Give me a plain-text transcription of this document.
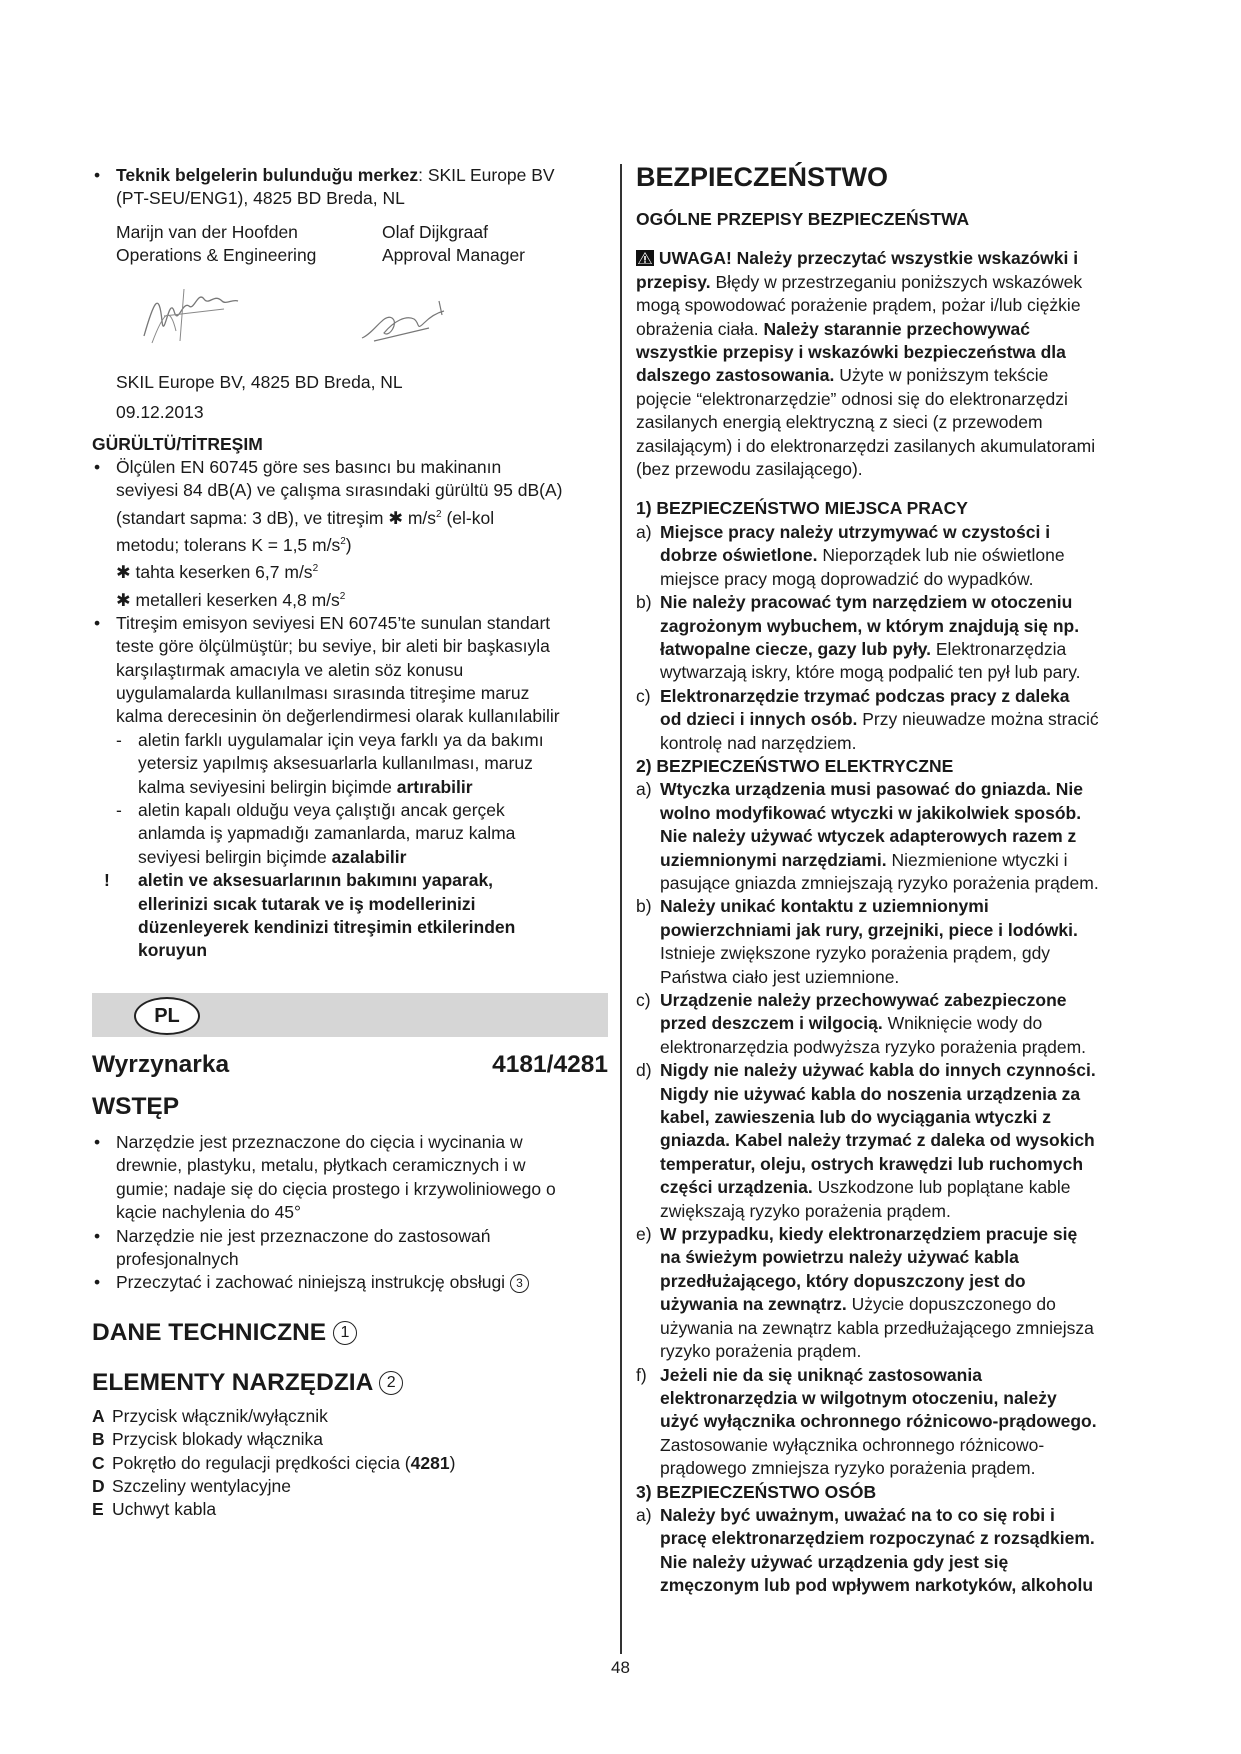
• Teknik belgelerin bulunduğu merkez: SKIL Europe BV
(PT-SEU/ENG1), 4825 BD Breda, NL

Marijn van der Hoofden
Operations & Engineering
Olaf Dijkgraaf
Approval Manager

SKIL Europe BV, 4825 BD Breda, NL

09.12.2013

GÜRÜLTÜ/TİTREŞIM

• Ölçülen EN 60745 göre ses basıncı bu makinanın
seviyesi 84 dB(A) ve çalışma sırasındaki gürültü 95 dB(A)
(standart sapma: 3 dB), ve titreşim ✱ $m/s^2$ (el-kol
metodu; tolerans K = 1,5 $m/s^2$)
✱ tahta keserken 6,7 $m/s^2$
✱ metalleri keserken 4,8 $m/s^2$

• Titreşim emisyon seviyesi EN 60745’te sunulan standart
teste göre ölçülmüştür; bu seviye, bir aleti bir başkasıyla
karşılaştırmak amacıyla ve aletin söz konusu
uygulamalarda kullanılması sırasında titreşime maruz
kalma derecesinin ön değerlendirmesi olarak kullanılabilir

- aletin farklı uygulamalar için veya farklı ya da bakımı
yetersiz yapılmış aksesuarlarla kullanılması, maruz
kalma seviyesini belirgin biçimde artırabilir

- aletin kapalı olduğu veya çalıştığı ancak gerçek
anlamda iş yapmadığı zamanlarda, maruz kalma
seviyesi belirgin biçimde azalabilir

! aletin ve aksesuarlarının bakımını yaparak,
ellerinizi sıcak tutarak ve iş modellerinizi
düzenleyerek kendinizi titreşimin etkilerinden
koruyun

PL
Wyrzynarka	4181/4281
WSTĘP

• Narzędzie jest przeznaczone do cięcia i wycinania w
drewnie, plastyku, metalu, płytkach ceramicznych i w
gumie; nadaje się do cięcia prostego i krzywoliniowego o
kącie nachylenia do 45°

• Narzędzie nie jest przeznaczone do zastosowań
profesjonalnych

• Przeczytać i zachować niniejszą instrukcję obsługi 3

DANE TECHNICZNE 1
ELEMENTY NARZĘDZIA 2

A Przycisk włącznik/wyłącznik

B Przycisk blokady włącznika

C Pokrętło do regulacji prędkości cięcia (4281)

D Szczeliny wentylacyjne

E Uchwyt kabla

BEZPIECZEŃSTWO

OGÓLNE PRZEPISY BEZPIECZEŃSTWA

UWAGA! Należy przeczytać wszystkie wskazówki i
przepisy. Błędy w przestrzeganiu poniższych wskazówek
mogą spowodować porażenie prądem, pożar i/lub ciężkie
obrażenia ciała. Należy starannie przechowywać
wszystkie przepisy i wskazówki bezpieczeństwa dla
dalszego zastosowania. Użyte w poniższym tekście
pojęcie “elektronarzędzie” odnosi się do elektronarzędzi
zasilanych energią elektryczną z sieci (z przewodem
zasilającym) i do elektronarzędzi zasilanych akumulatorami
(bez przewodu zasilającego).

1) BEZPIECZEŃSTWO MIEJSCA PRACY

a) Miejsce pracy należy utrzymywać w czystości i
dobrze oświetlone. Nieporządek lub nie oświetlone
miejsce pracy mogą doprowadzić do wypadków.

b) Nie należy pracować tym narzędziem w otoczeniu
zagrożonym wybuchem, w którym znajdują się np.
łatwopalne ciecze, gazy lub pyły. Elektronarzędzia
wytwarzają iskry, które mogą podpalić ten pył lub pary.

c) Elektronarzędzie trzymać podczas pracy z daleka
od dzieci i innych osób. Przy nieuwadze można stracić
kontrolę nad narzędziem.

2) BEZPIECZEŃSTWO ELEKTRYCZNE

a) Wtyczka urządzenia musi pasować do gniazda. Nie
wolno modyfikować wtyczki w jakikolwiek sposób.
Nie należy używać wtyczek adapterowych razem z
uziemnionymi narzędziami. Niezmienione wtyczki i
pasujące gniazda zmniejszają ryzyko porażenia prądem.

b) Należy unikać kontaktu z uziemnionymi
powierzchniami jak rury, grzejniki, piece i lodówki.
Istnieje zwiększone ryzyko porażenia prądem, gdy
Państwa ciało jest uziemnione.

c) Urządzenie należy przechowywać zabezpieczone
przed deszczem i wilgocią. Wniknięcie wody do
elektronarzędzia podwyższa ryzyko porażenia prądem.

d) Nigdy nie należy używać kabla do innych czynności.
Nigdy nie używać kabla do noszenia urządzenia za
kabel, zawieszenia lub do wyciągania wtyczki z
gniazda. Kabel należy trzymać z daleka od wysokich
temperatur, oleju, ostrych krawędzi lub ruchomych
części urządzenia. Uszkodzone lub poplątane kable
zwiększają ryzyko porażenia prądem.

e) W przypadku, kiedy elektronarzędziem pracuje się
na świeżym powietrzu należy używać kabla
przedłużającego, który dopuszczony jest do
używania na zewnątrz. Użycie dopuszczonego do
używania na zewnątrz kabla przedłużającego zmniejsza
ryzyko porażenia prądem.

f) Jeżeli nie da się uniknąć zastosowania
elektronarzędzia w wilgotnym otoczeniu, należy
użyć wyłącznika ochronnego różnicowo-prądowego.
Zastosowanie wyłącznika ochronnego różnicowo-
prądowego zmniejsza ryzyko porażenia prądem.

3) BEZPIECZEŃSTWO OSÓB

a) Należy być uważnym, uważać na to co się robi i
pracę elektronarzędziem rozpoczynać z rozsądkiem.
Nie należy używać urządzenia gdy jest się
zmęczonym lub pod wpływem narkotyków, alkoholu

48
